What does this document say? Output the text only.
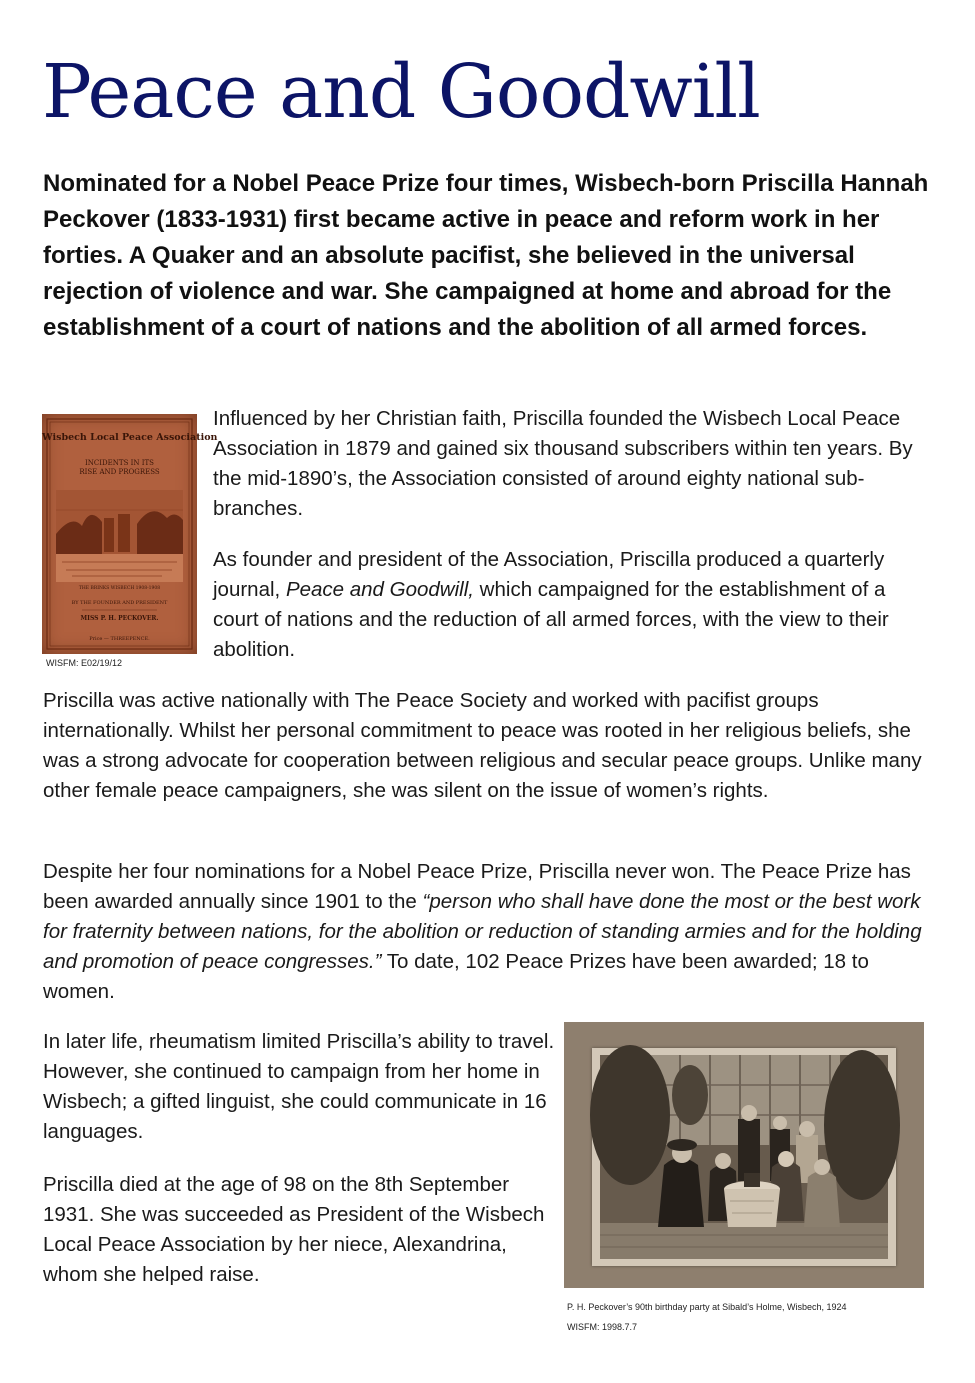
Peace and Goodwill

Nominated for a Nobel Peace Prize four times, Wisbech-born Priscilla Hannah Peckover (1833-1931) first became active in peace and reform work in her forties. A Quaker and an absolute pacifist, she believed in the universal rejection of violence and war. She campaigned at home and abroad for the establishment of a court of nations and the abolition of all armed forces.

Wisbech Local Peace Association
INCIDENTS IN ITS
RISE AND PROGRESS
THE BRINKS WISBECH 1908-1908
BY THE FOUNDER AND PRESIDENT
MISS P. H. PECKOVER.
Price — THREEPENCE.
WISFM: E02/19/12

Influenced by her Christian faith, Priscilla founded the Wisbech Local Peace Association in 1879 and gained six thousand subscribers within ten years. By the mid-1890’s, the Association consisted of around eighty national sub-branches.

As founder and president of the Association, Priscilla produced a quarterly journal, Peace and Goodwill, which campaigned for the establishment of a court of nations and the reduction of all armed forces, with the view to their abolition.

Priscilla was active nationally with The Peace Society and worked with pacifist groups internationally. Whilst her personal commitment to peace was rooted in her religious beliefs, she was a strong advocate for cooperation between religious and secular peace groups. Unlike many other female peace campaigners, she was silent on the issue of women’s rights.

Despite her four nominations for a Nobel Peace Prize, Priscilla never won. The Peace Prize has been awarded annually since 1901 to the “person who shall have done the most or the best work for fraternity between nations, for the abolition or reduction of standing armies and for the holding and promotion of peace congresses.” To date, 102 Peace Prizes have been awarded; 18 to women.

In later life, rheumatism limited Priscilla’s ability to travel. However, she continued to campaign from her home in Wisbech; a gifted linguist, she could communicate in 16 languages.

Priscilla died at the age of 98 on the 8th September 1931. She was succeeded as President of the Wisbech Local Peace Association by her niece, Alexandrina, whom she helped raise.

P. H. Peckover’s 90th birthday party at Sibald’s Holme, Wisbech, 1924
WISFM: 1998.7.7
